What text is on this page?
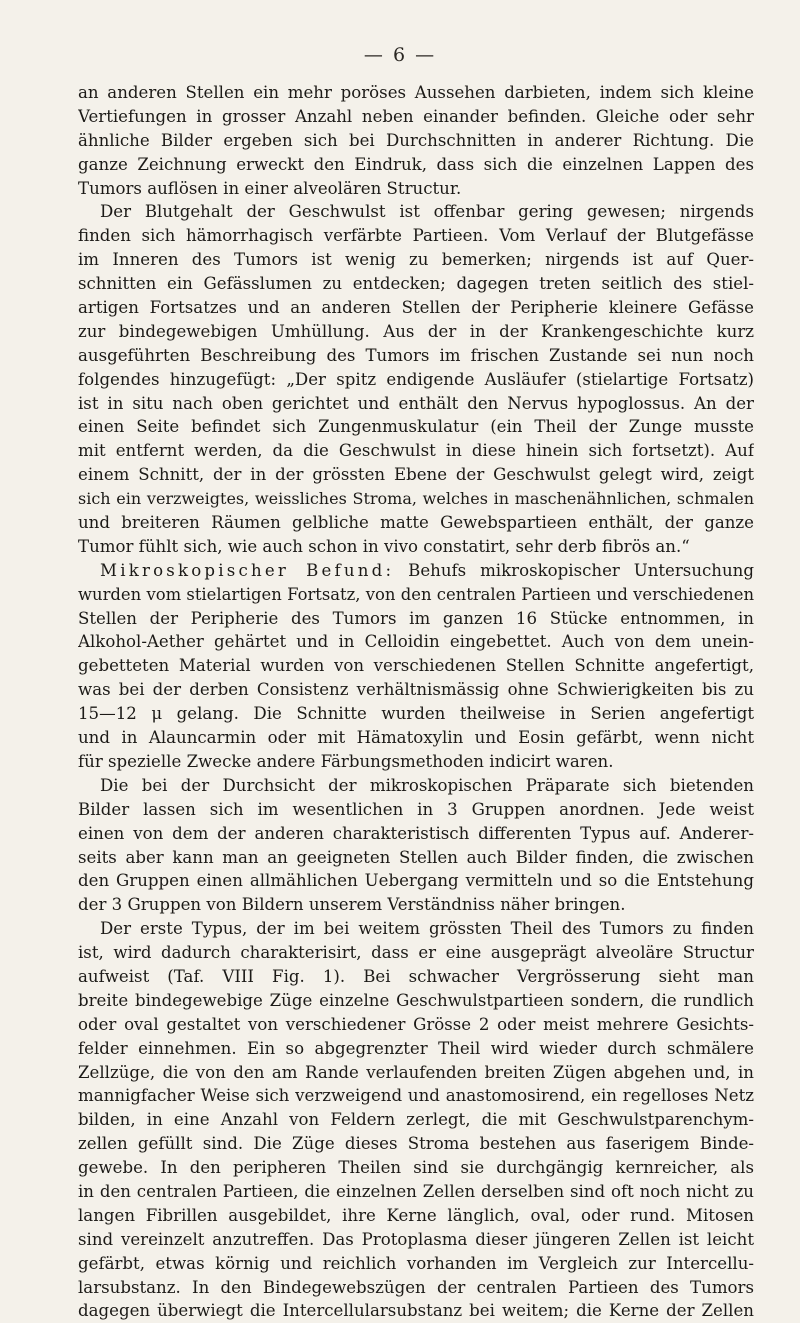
— 6 —
an anderen Stellen ein mehr poröses Aussehen darbieten, indem sich kleine
Vertiefungen in grosser Anzahl neben einander befinden. Gleiche oder sehr
ähnliche Bilder ergeben sich bei Durchschnitten in anderer Richtung. Die
ganze Zeichnung erweckt den Eindruk, dass sich die einzelnen Lappen des
Tumors auflösen in einer alveolären Structur.
Der Blutgehalt der Geschwulst ist offenbar gering gewesen; nirgends
finden sich hämorrhagisch verfärbte Partieen. Vom Verlauf der Blutgefässe
im Inneren des Tumors ist wenig zu bemerken; nirgends ist auf Quer-
schnitten ein Gefässlumen zu entdecken; dagegen treten seitlich des stiel-
artigen Fortsatzes und an anderen Stellen der Peripherie kleinere Gefässe
zur bindegewebigen Umhüllung. Aus der in der Krankengeschichte kurz
ausgeführten Beschreibung des Tumors im frischen Zustande sei nun noch
folgendes hinzugefügt: „Der spitz endigende Ausläufer (stielartige Fortsatz)
ist in situ nach oben gerichtet und enthält den Nervus hypoglossus. An der
einen Seite befindet sich Zungenmuskulatur (ein Theil der Zunge musste
mit entfernt werden, da die Geschwulst in diese hinein sich fortsetzt). Auf
einem Schnitt, der in der grössten Ebene der Geschwulst gelegt wird, zeigt
sich ein verzweigtes, weissliches Stroma, welches in maschenähnlichen, schmalen
und breiteren Räumen gelbliche matte Gewebspartieen enthält, der ganze
Tumor fühlt sich, wie auch schon in vivo constatirt, sehr derb fibrös an.“
Mikroskopischer Befund: Behufs mikroskopischer Untersuchung
wurden vom stielartigen Fortsatz, von den centralen Partieen und verschiedenen
Stellen der Peripherie des Tumors im ganzen 16 Stücke entnommen, in
Alkohol-Aether gehärtet und in Celloidin eingebettet. Auch von dem unein-
gebetteten Material wurden von verschiedenen Stellen Schnitte angefertigt,
was bei der derben Consistenz verhältnismässig ohne Schwierigkeiten bis zu
15—12 μ gelang. Die Schnitte wurden theilweise in Serien angefertigt
und in Alauncarmin oder mit Hämatoxylin und Eosin gefärbt, wenn nicht
für spezielle Zwecke andere Färbungsmethoden indicirt waren.
Die bei der Durchsicht der mikroskopischen Präparate sich bietenden
Bilder lassen sich im wesentlichen in 3 Gruppen anordnen. Jede weist
einen von dem der anderen charakteristisch differenten Typus auf. Anderer-
seits aber kann man an geeigneten Stellen auch Bilder finden, die zwischen
den Gruppen einen allmählichen Uebergang vermitteln und so die Entstehung
der 3 Gruppen von Bildern unserem Verständniss näher bringen.
Der erste Typus, der im bei weitem grössten Theil des Tumors zu finden
ist, wird dadurch charakterisirt, dass er eine ausgeprägt alveoläre Structur
aufweist (Taf. VIII Fig. 1). Bei schwacher Vergrösserung sieht man
breite bindegewebige Züge einzelne Geschwulstpartieen sondern, die rundlich
oder oval gestaltet von verschiedener Grösse 2 oder meist mehrere Gesichts-
felder einnehmen. Ein so abgegrenzter Theil wird wieder durch schmälere
Zellzüge, die von den am Rande verlaufenden breiten Zügen abgehen und, in
mannigfacher Weise sich verzweigend und anastomosirend, ein regelloses Netz
bilden, in eine Anzahl von Feldern zerlegt, die mit Geschwulstparenchym-
zellen gefüllt sind. Die Züge dieses Stroma bestehen aus faserigem Binde-
gewebe. In den peripheren Theilen sind sie durchgängig kernreicher, als
in den centralen Partieen, die einzelnen Zellen derselben sind oft noch nicht zu
langen Fibrillen ausgebildet, ihre Kerne länglich, oval, oder rund. Mitosen
sind vereinzelt anzutreffen. Das Protoplasma dieser jüngeren Zellen ist leicht
gefärbt, etwas körnig und reichlich vorhanden im Vergleich zur Intercellu-
larsubstanz. In den Bindegewebszügen der centralen Partieen des Tumors
dagegen überwiegt die Intercellularsubstanz bei weitem; die Kerne der Zellen
